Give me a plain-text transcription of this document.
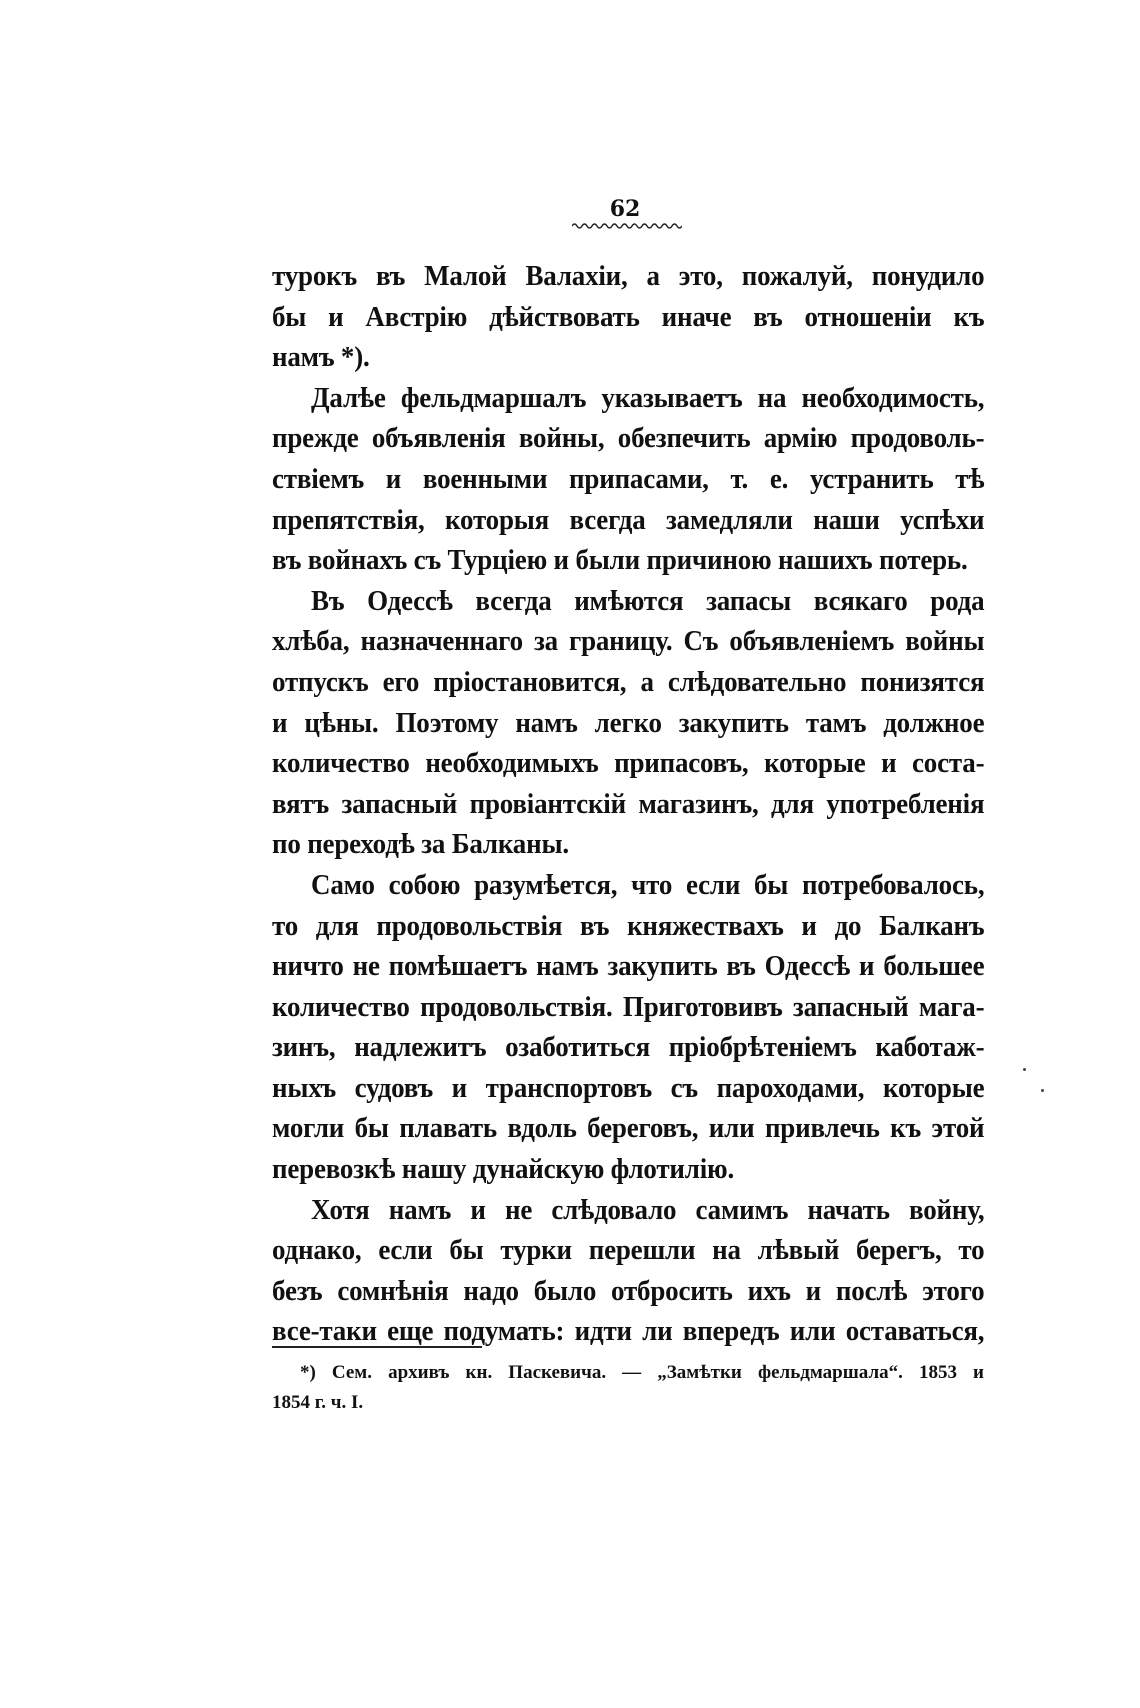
62
турокъ въ Малой Валахіи, а это, пожалуй, понудило
бы и Австрію дѣйствовать иначе въ отношеніи къ
намъ *).
Далѣе фельдмаршалъ указываетъ на необходимость,
прежде объявленія войны, обезпечить армію продоволь-
ствіемъ и военными припасами, т. е. устранить тѣ
препятствія, которыя всегда замедляли наши успѣхи
въ войнахъ съ Турціею и были причиною нашихъ потерь.
Въ Одессѣ всегда имѣются запасы всякаго рода
хлѣба, назначеннаго за границу. Съ объявленіемъ войны
отпускъ его пріостановится, а слѣдовательно понизятся
и цѣны. Поэтому намъ легко закупить тамъ должное
количество необходимыхъ припасовъ, которые и соста-
вятъ запасный провіантскій магазинъ, для употребленія
по переходѣ за Балканы.
Само собою разумѣется, что если бы потребовалось,
то для продовольствія въ княжествахъ и до Балканъ
ничто не помѣшаетъ намъ закупить въ Одессѣ и большее
количество продовольствія. Приготовивъ запасный мага-
зинъ, надлежитъ озаботиться пріобрѣтеніемъ каботаж-
ныхъ судовъ и транспортовъ съ пароходами, которые
могли бы плавать вдоль береговъ, или привлечь къ этой
перевозкѣ нашу дунайскую флотилію.
Хотя намъ и не слѣдовало самимъ начать войну,
однако, если бы турки перешли на лѣвый берегъ, то
безъ сомнѣнія надо было отбросить ихъ и послѣ этого
все-таки еще подумать: идти ли впередъ или оставаться,
*) Сем. архивъ кн. Паскевича. — „Замѣтки фельдмаршала“. 1853 и
1854 г. ч. I.
